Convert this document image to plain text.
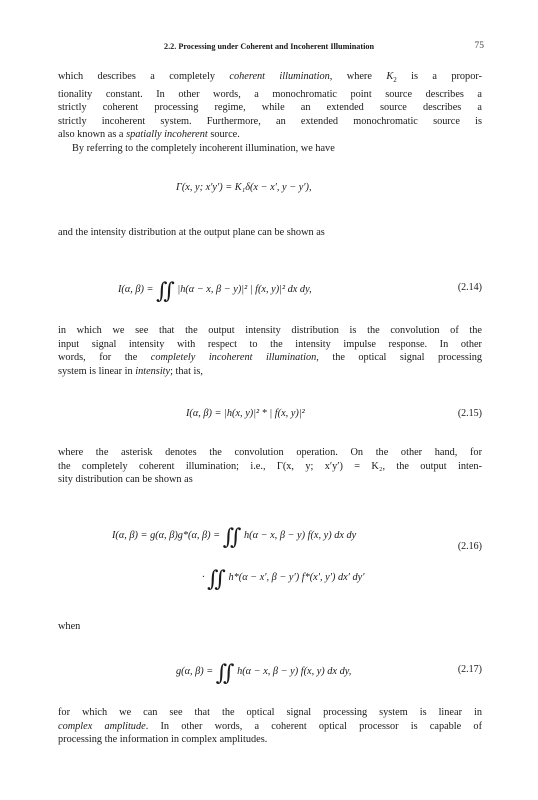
2.2. Processing under Coherent and Incoherent Illumination	75
which describes a completely coherent illumination, where $K_2$ is a propor-
tionality constant. In other words, a monochromatic point source describes a
strictly coherent processing regime, while an extended source describes a
strictly incoherent system. Furthermore, an extended monochromatic source is
also known as a spatially incoherent source.
By referring to the completely incoherent illumination, we have
Γ(x, y; x′y′) = K₁δ(x − x′, y − y′),
and the intensity distribution at the output plane can be shown as
I(α, β) = ∬ |h(α − x, β − y)|² | f(x, y)|² dx dy,	(2.14)
in which we see that the output intensity distribution is the convolution of the
input signal intensity with respect to the intensity impulse response. In other
words, for the completely incoherent illumination, the optical signal processing
system is linear in intensity; that is,
I(α, β) = |h(x, y)|² * | f(x, y)|²	(2.15)
where the asterisk denotes the convolution operation. On the other hand, for
the completely coherent illumination; i.e., Γ(x, y; x′y′) = K₂, the output inten-
sity distribution can be shown as
I(α, β) = g(α, β)g*(α, β) = ∬ h(α − x, β − y) f(x, y) dx dy
(2.16)
· ∬ h*(α − x′, β − y′) f*(x′, y′) dx′ dy′
when
g(α, β) = ∬ h(α − x, β − y) f(x, y) dx dy,	(2.17)
for which we can see that the optical signal processing system is linear in
complex amplitude. In other words, a coherent optical processor is capable of
processing the information in complex amplitudes.
